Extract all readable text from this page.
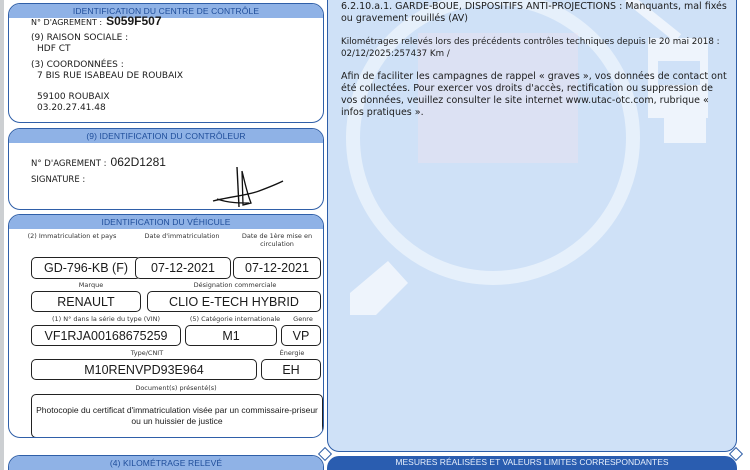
IDENTIFICATION DU CENTRE DE CONTRÔLE
N° D'AGREMENT : S059F507
(9) RAISON SOCIALE :
HDF CT
(3) COORDONNÉES :
7 BIS RUE ISABEAU DE ROUBAIX
59100 ROUBAIX
03.20.27.41.48
(9) IDENTIFICATION DU CONTRÔLEUR
N° D'AGREMENT : 062D1281
SIGNATURE :
IDENTIFICATION DU VÉHICULE
(2) Immatriculation et pays	Date d'immatriculation	Date de 1ère mise en circulation
GD-796-KB (F)	07-12-2021	07-12-2021
Marque	Désignation commerciale
RENAULT	CLIO E-TECH HYBRID
(1) N° dans la série du type (VIN)	(5) Catégorie internationale	Genre
VF1RJA00168675259	M1	VP
Type/CNIT	Énergie
M10RENVPD93E964	EH
Document(s) présenté(s)
Photocopie du certificat d'immatriculation visée par un commissaire-priseur ou un huissier de justice
(4) KILOMÉTRAGE RELEVÉ

6.2.10.a.1. GARDE-BOUE, DISPOSITIFS ANTI-PROJECTIONS : Manquants, mal fixés ou gravement rouillés (AV)

Kilométrages relevés lors des précédents contrôles techniques depuis le 20 mai 2018 : 02/12/2025:257437 Km /

Afin de faciliter les campagnes de rappel « graves », vos données de contact ont été collectées. Pour exercer vos droits d'accès, rectification ou suppression de vos données, veuillez consulter le site internet www.utac-otc.com, rubrique « infos pratiques ».

MESURES RÉALISÉES ET VALEURS LIMITES CORRESPONDANTES
